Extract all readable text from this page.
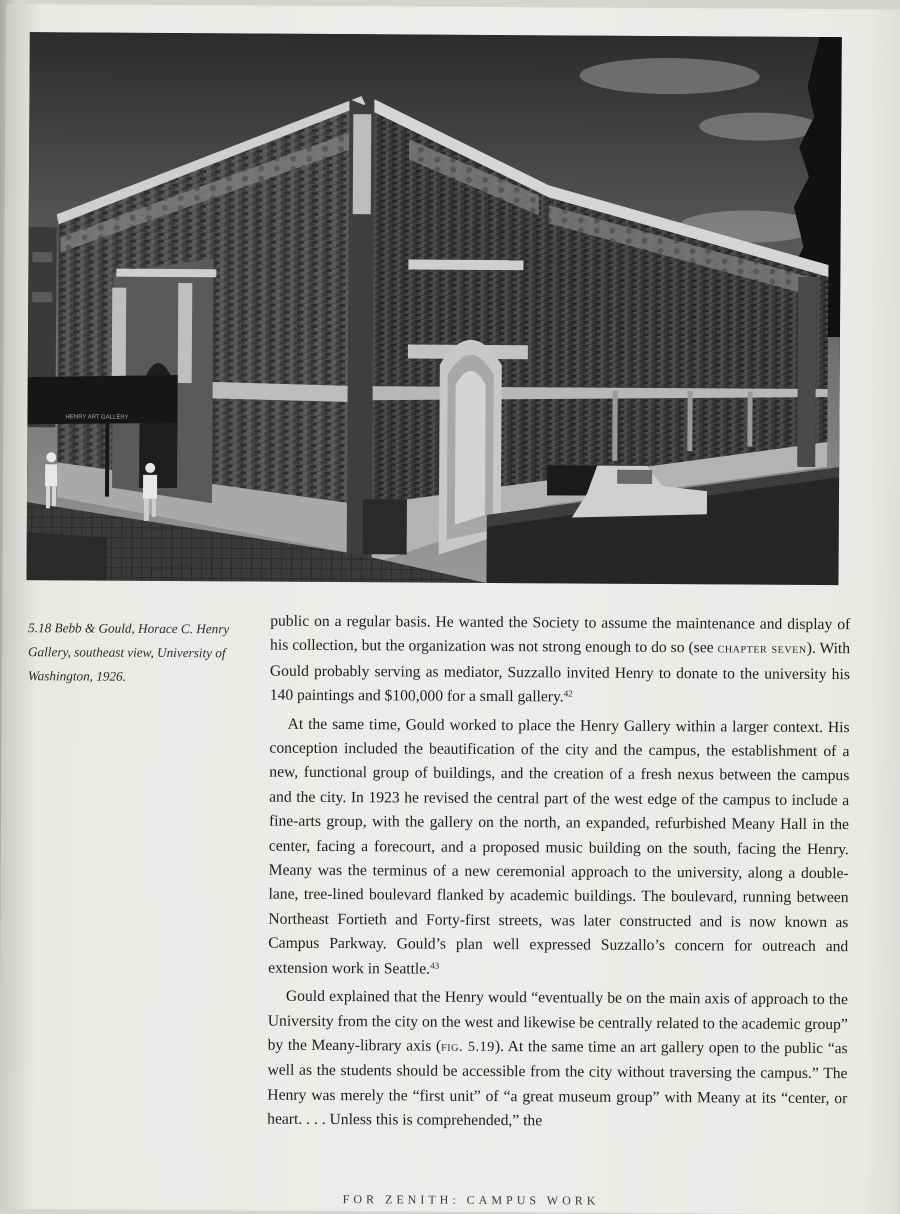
HENRY ART GALLERY
5.18 Bebb & Gould, Horace C. Henry Gallery, southeast view, University of Washington, 1926.

public on a regular basis. He wanted the Society to assume the maintenance and display of his collection, but the organization was not strong enough to do so (see chapter seven). With Gould probably serving as mediator, Suzzallo invited Henry to donate to the university his 140 paintings and $100,000 for a small gallery.$^{42}$

At the same time, Gould worked to place the Henry Gallery within a larger context. His conception included the beautification of the city and the campus, the establishment of a new, functional group of buildings, and the creation of a fresh nexus between the campus and the city. In 1923 he revised the central part of the west edge of the campus to include a fine-arts group, with the gallery on the north, an expanded, refurbished Meany Hall in the center, facing a forecourt, and a proposed music building on the south, facing the Henry. Meany was the terminus of a new ceremonial approach to the university, along a double-lane, tree-lined boulevard flanked by academic buildings. The boulevard, running between Northeast Fortieth and Forty-first streets, was later constructed and is now known as Campus Parkway. Gould’s plan well expressed Suzzallo’s concern for outreach and extension work in Seattle.$^{43}$

Gould explained that the Henry would “eventually be on the main axis of approach to the University from the city on the west and likewise be centrally related to the academic group” by the Meany-library axis (fig. 5.19). At the same time an art gallery open to the public “as well as the students should be accessible from the city without traversing the campus.” The Henry was merely the “first unit” of “a great museum group” with Meany at its “center, or heart. . . . Unless this is comprehended,” the

FOR ZENITH: CAMPUS WORK
